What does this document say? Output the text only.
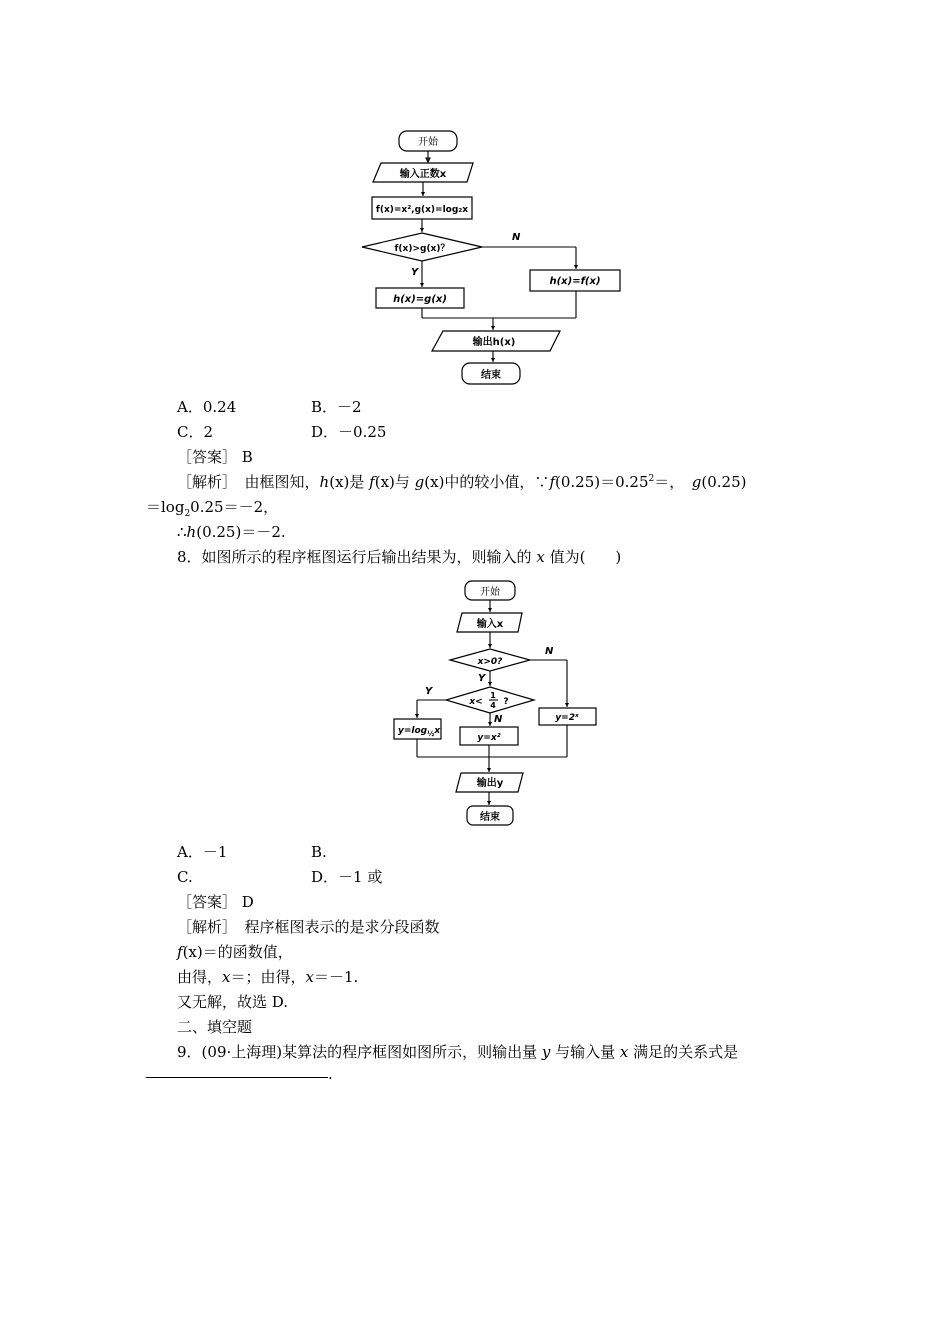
开始
输入正数x
f(x)=x²,g(x)=log₂x
f(x)>g(x)？
N
Y
h(x)=g(x)
h(x)=f(x)
输出h(x)
结束
A．0.24	B．－2
C．2	D．－0.25
［答案］ B
［解析］　 由框图知，h(x)是 f(x)与 g(x)中的较小值，$\because f(0.25)=0.25^2=$，　 g(0.25)
$=\log_20.25=-2$，
∴h(0.25)＝－2.
8．如图所示的程序框图运行后输出结果为，则输入的 x 值为(　　)
开始
输入x
x>0?
N
Y
x<
1
4 ?
Y
N
$y=\log_{\frac{1}{2}}x$
y=x²
y=2ˣ
输出y
结束
A．－1	B.
C.	D．－1 或
［答案］ D
［解析］　 程序框图表示的是求分段函数
f(x)＝的函数值，
由得，x＝；由得，x＝－1.
又无解，故选 D.
二、填空题
9．(09·上海理)某算法的程序框图如图所示，则输出量 y 与输入量 x 满足的关系式是
.
